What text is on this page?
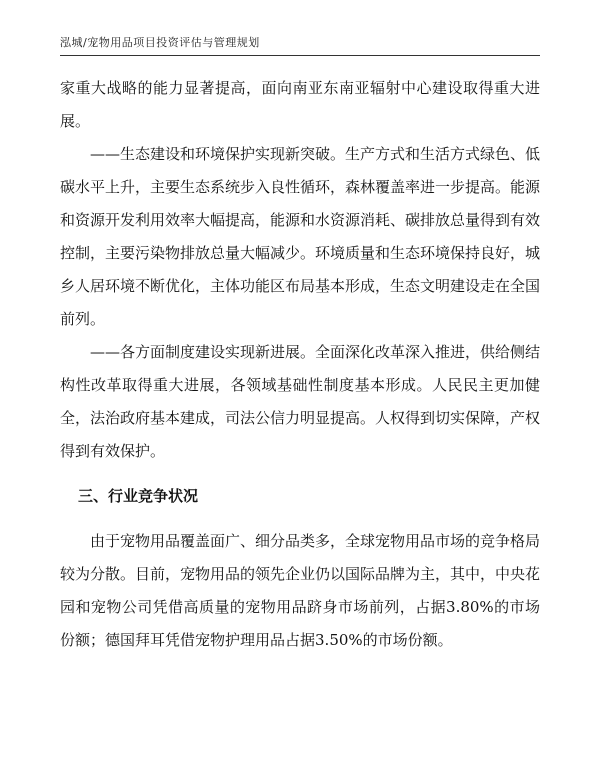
泓城/宠物用品项目投资评估与管理规划

家重大战略的能力显著提高，面向南亚东南亚辐射中心建设取得重大进展。

——生态建设和环境保护实现新突破。生产方式和生活方式绿色、低碳水平上升，主要生态系统步入良性循环，森林覆盖率进一步提高。能源和资源开发利用效率大幅提高，能源和水资源消耗、碳排放总量得到有效控制，主要污染物排放总量大幅减少。环境质量和生态环境保持良好，城乡人居环境不断优化，主体功能区布局基本形成，生态文明建设走在全国前列。

——各方面制度建设实现新进展。全面深化改革深入推进，供给侧结构性改革取得重大进展，各领域基础性制度基本形成。人民民主更加健全，法治政府基本建成，司法公信力明显提高。人权得到切实保障，产权得到有效保护。

三、行业竞争状况

由于宠物用品覆盖面广、细分品类多，全球宠物用品市场的竞争格局较为分散。目前，宠物用品的领先企业仍以国际品牌为主，其中，中央花园和宠物公司凭借高质量的宠物用品跻身市场前列，占据3.80%的市场份额；德国拜耳凭借宠物护理用品占据3.50%的市场份额。
